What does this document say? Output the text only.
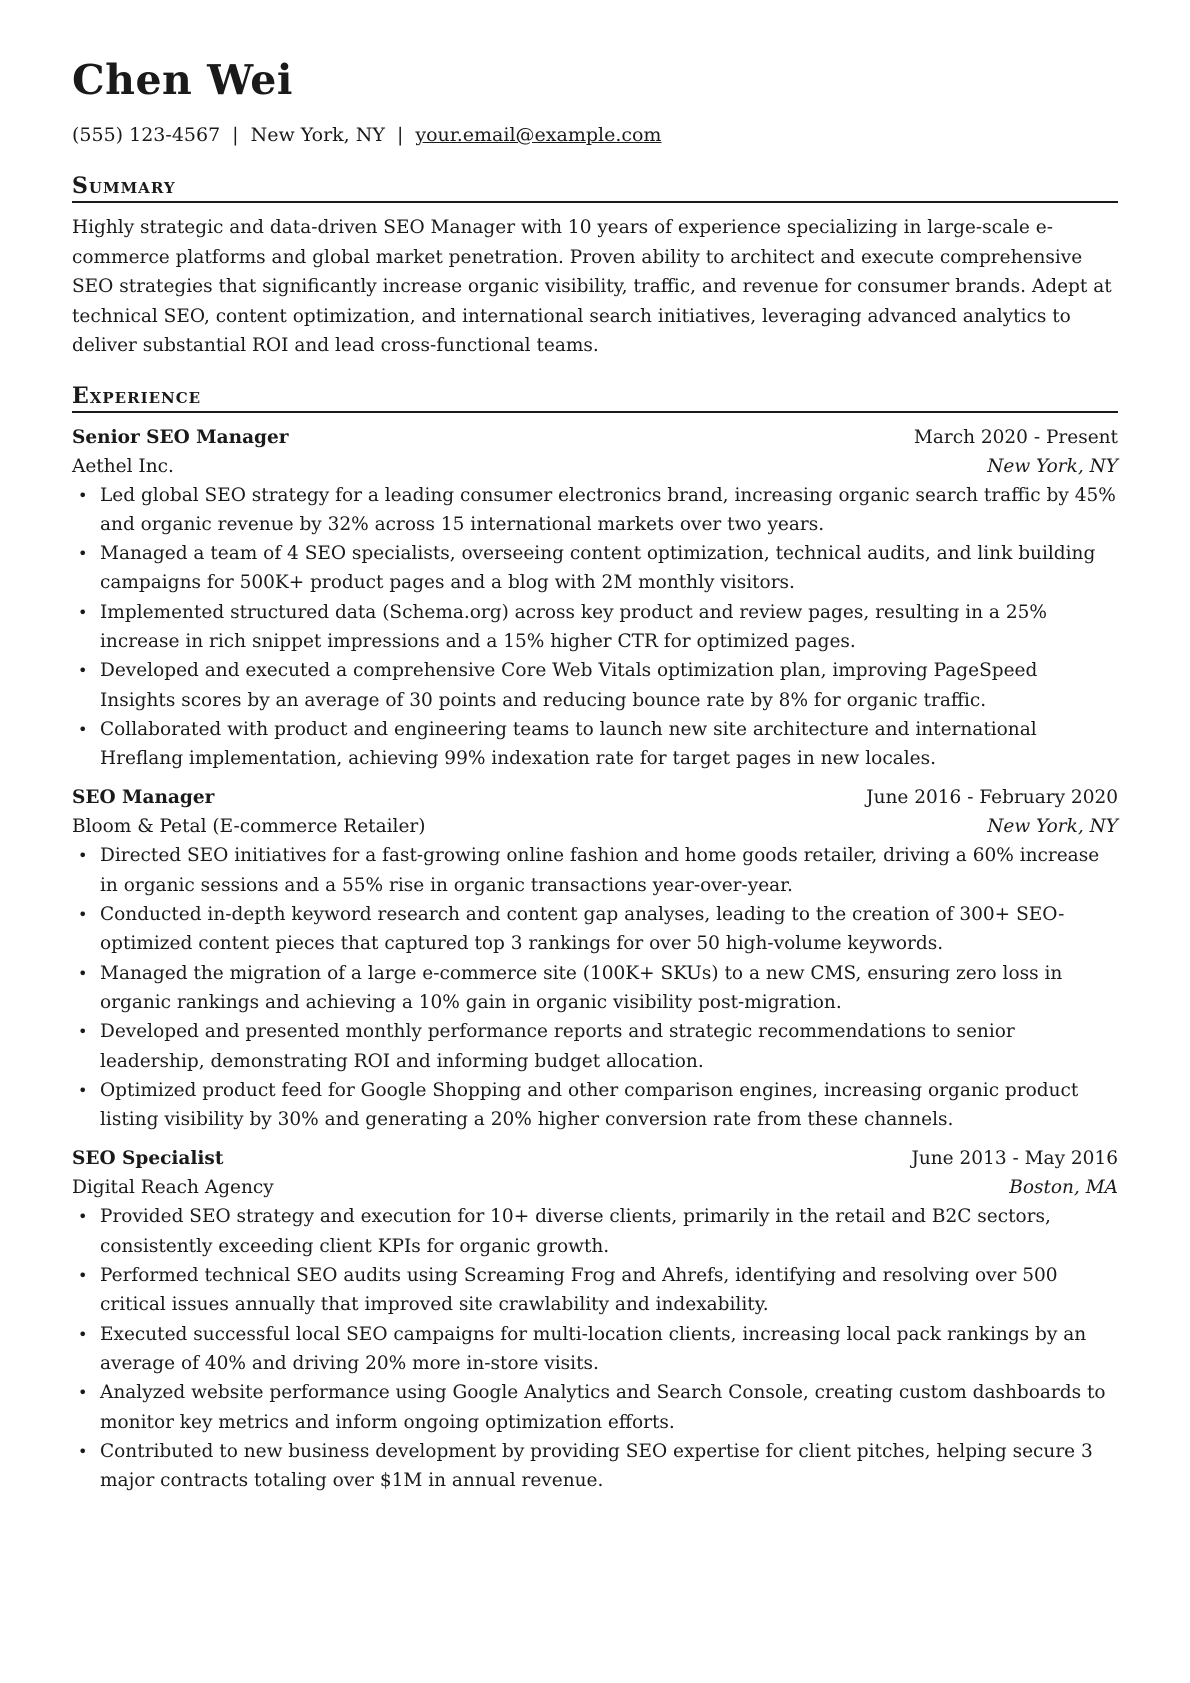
Chen Wei
(555) 123-4567 | New York, NY | your.email@example.com
Summary

Highly strategic and data-driven SEO Manager with 10 years of experience specializing in large-scale e-commerce platforms and global market penetration. Proven ability to architect and execute comprehensive SEO strategies that significantly increase organic visibility, traffic, and revenue for consumer brands. Adept at technical SEO, content optimization, and international search initiatives, leveraging advanced analytics to deliver substantial ROI and lead cross-functional teams.

Experience
Senior SEO Manager	March 2020 - Present
Aethel Inc.	New York, NY
• Led global SEO strategy for a leading consumer electronics brand, increasing organic search traffic by 45% and organic revenue by 32% across 15 international markets over two years.
• Managed a team of 4 SEO specialists, overseeing content optimization, technical audits, and link building campaigns for 500K+ product pages and a blog with 2M monthly visitors.
• Implemented structured data (Schema.org) across key product and review pages, resulting in a 25% increase in rich snippet impressions and a 15% higher CTR for optimized pages.
• Developed and executed a comprehensive Core Web Vitals optimization plan, improving PageSpeed Insights scores by an average of 30 points and reducing bounce rate by 8% for organic traffic.
• Collaborated with product and engineering teams to launch new site architecture and international Hreflang implementation, achieving 99% indexation rate for target pages in new locales.
SEO Manager	June 2016 - February 2020
Bloom & Petal (E-commerce Retailer)	New York, NY
• Directed SEO initiatives for a fast-growing online fashion and home goods retailer, driving a 60% increase in organic sessions and a 55% rise in organic transactions year-over-year.
• Conducted in-depth keyword research and content gap analyses, leading to the creation of 300+ SEO-optimized content pieces that captured top 3 rankings for over 50 high-volume keywords.
• Managed the migration of a large e-commerce site (100K+ SKUs) to a new CMS, ensuring zero loss in organic rankings and achieving a 10% gain in organic visibility post-migration.
• Developed and presented monthly performance reports and strategic recommendations to senior leadership, demonstrating ROI and informing budget allocation.
• Optimized product feed for Google Shopping and other comparison engines, increasing organic product listing visibility by 30% and generating a 20% higher conversion rate from these channels.
SEO Specialist	June 2013 - May 2016
Digital Reach Agency	Boston, MA
• Provided SEO strategy and execution for 10+ diverse clients, primarily in the retail and B2C sectors, consistently exceeding client KPIs for organic growth.
• Performed technical SEO audits using Screaming Frog and Ahrefs, identifying and resolving over 500 critical issues annually that improved site crawlability and indexability.
• Executed successful local SEO campaigns for multi-location clients, increasing local pack rankings by an average of 40% and driving 20% more in-store visits.
• Analyzed website performance using Google Analytics and Search Console, creating custom dashboards to monitor key metrics and inform ongoing optimization efforts.
• Contributed to new business development by providing SEO expertise for client pitches, helping secure 3 major contracts totaling over $1M in annual revenue.
